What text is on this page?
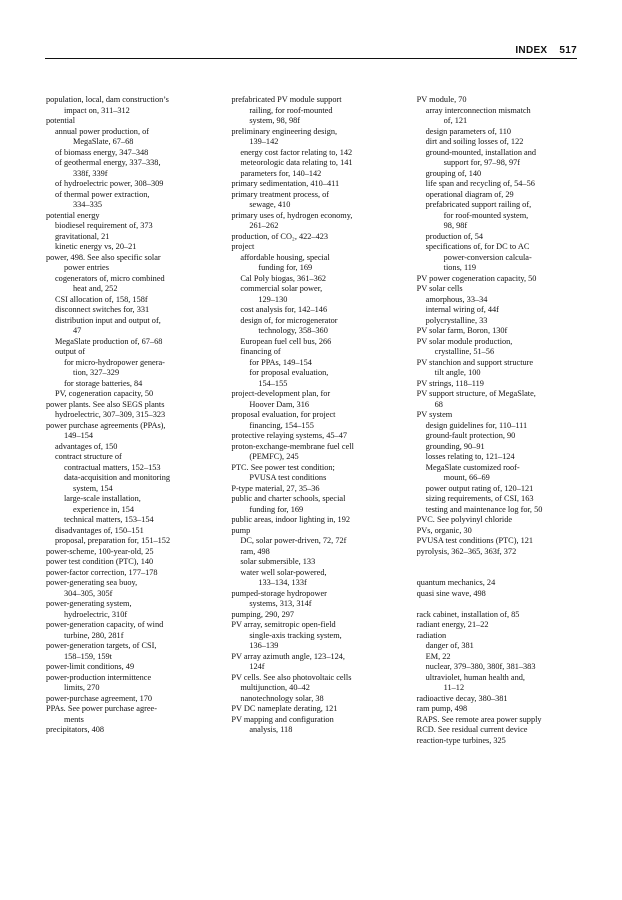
INDEX 517
population, local, dam construction’s
impact on, 311–312
potential
annual power production, of
MegaSlate, 67–68
of biomass energy, 347–348
of geothermal energy, 337–338,
338f, 339f
of hydroelectric power, 308–309
of thermal power extraction,
334–335
potential energy
biodiesel requirement of, 373
gravitational, 21
kinetic energy vs, 20–21
power, 498. See also specific solar
power entries
cogenerators of, micro combined
heat and, 252
CSI allocation of, 158, 158f
disconnect switches for, 331
distribution input and output of,
47
MegaSlate production of, 67–68
output of
for micro-hydropower genera-
tion, 327–329
for storage batteries, 84
PV, cogeneration capacity, 50
power plants. See also SEGS plants
hydroelectric, 307–309, 315–323
power purchase agreements (PPAs),
149–154
advantages of, 150
contract structure of
contractual matters, 152–153
data-acquisition and monitoring
system, 154
large-scale installation,
experience in, 154
technical matters, 153–154
disadvantages of, 150–151
proposal, preparation for, 151–152
power-scheme, 100-year-old, 25
power test condition (PTC), 140
power-factor correction, 177–178
power-generating sea buoy,
304–305, 305f
power-generating system,
hydroelectric, 310f
power-generation capacity, of wind
turbine, 280, 281f
power-generation targets, of CSI,
158–159, 159t
power-limit conditions, 49
power-production intermittence
limits, 270
power-purchase agreement, 170
PPAs. See power purchase agree-
ments
precipitators, 408
prefabricated PV module support
railing, for roof-mounted
system, 98, 98f
preliminary engineering design,
139–142
energy cost factor relating to, 142
meteorologic data relating to, 141
parameters for, 140–142
primary sedimentation, 410–411
primary treatment process, of
sewage, 410
primary uses of, hydrogen economy,
261–262
production, of CO₂, 422–423
project
affordable housing, special
funding for, 169
Cal Poly biogas, 361–362
commercial solar power,
129–130
cost analysis for, 142–146
design of, for microgenerator
technology, 358–360
European fuel cell bus, 266
financing of
for PPAs, 149–154
for proposal evaluation,
154–155
project-development plan, for
Hoover Dam, 316
proposal evaluation, for project
financing, 154–155
protective relaying systems, 45–47
proton-exchange-membrane fuel cell
(PEMFC), 245
PTC. See power test condition;
PVUSA test conditions
P-type material, 27, 35–36
public and charter schools, special
funding for, 169
public areas, indoor lighting in, 192
pump
DC, solar power-driven, 72, 72f
ram, 498
solar submersible, 133
water well solar-powered,
133–134, 133f
pumped-storage hydropower
systems, 313, 314f
pumping, 290, 297
PV array, semitropic open-field
single-axis tracking system,
136–139
PV array azimuth angle, 123–124,
124f
PV cells. See also photovoltaic cells
multijunction, 40–42
nanotechnology solar, 38
PV DC nameplate derating, 121
PV mapping and configuration
analysis, 118
PV module, 70
array interconnection mismatch
of, 121
design parameters of, 110
dirt and soiling losses of, 122
ground-mounted, installation and
support for, 97–98, 97f
grouping of, 140
life span and recycling of, 54–56
operational diagram of, 29
prefabricated support railing of,
for roof-mounted system,
98, 98f
production of, 54
specifications of, for DC to AC
power-conversion calcula-
tions, 119
PV power cogeneration capacity, 50
PV solar cells
amorphous, 33–34
internal wiring of, 44f
polycrystalline, 33
PV solar farm, Boron, 130f
PV solar module production,
crystalline, 51–56
PV stanchion and support structure
tilt angle, 100
PV strings, 118–119
PV support structure, of MegaSlate,
68
PV system
design guidelines for, 110–111
ground-fault protection, 90
grounding, 90–91
losses relating to, 121–124
MegaSlate customized roof-
mount, 66–69
power output rating of, 120–121
sizing requirements, of CSI, 163
testing and maintenance log for, 50
PVC. See polyvinyl chloride
PVs, organic, 30
PVUSA test conditions (PTC), 121
pyrolysis, 362–365, 363f, 372
quantum mechanics, 24
quasi sine wave, 498
rack cabinet, installation of, 85
radiant energy, 21–22
radiation
danger of, 381
EM, 22
nuclear, 379–380, 380f, 381–383
ultraviolet, human health and,
11–12
radioactive decay, 380–381
ram pump, 498
RAPS. See remote area power supply
RCD. See residual current device
reaction-type turbines, 325
